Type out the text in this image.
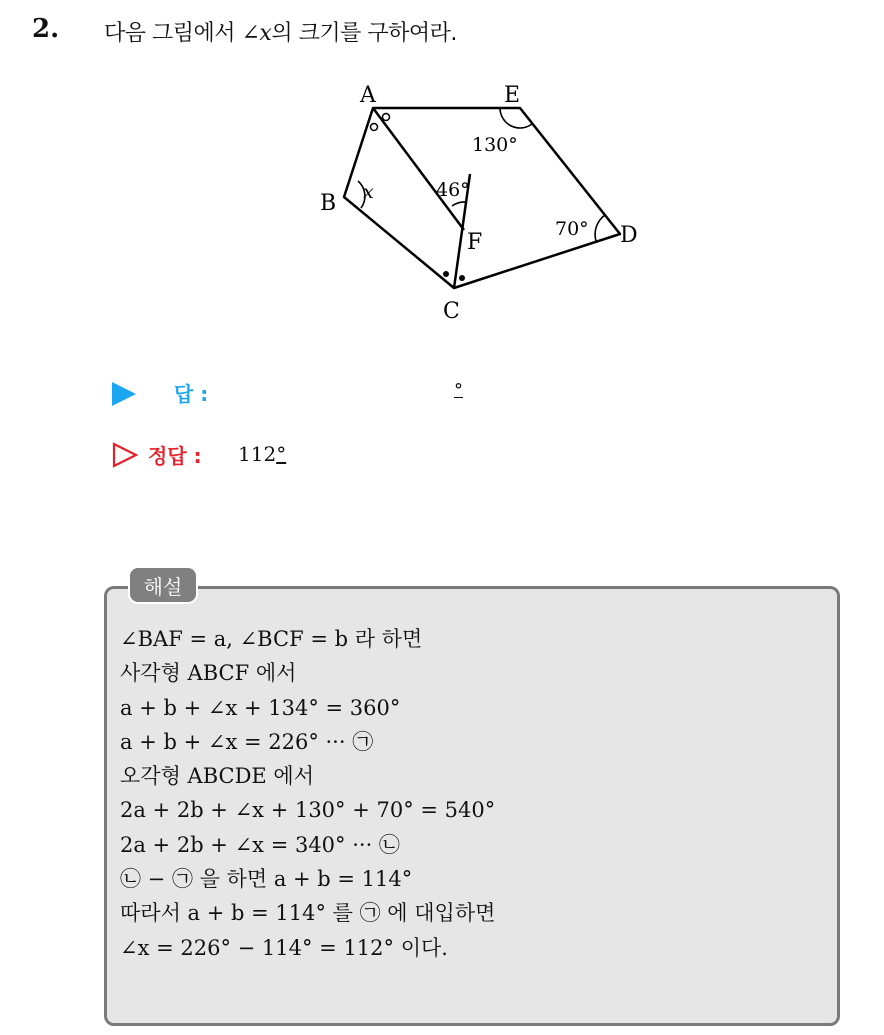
2. 다음 그림에서 ∠x의 크기를 구하여라.
A	E
B
F	D
C
130°
46°
70°
x
답 :	°
정답 : 112°
해설
∠BAF = a, ∠BCF = b 라 하면
사각형 ABCF 에서
a + b + ∠x + 134° = 360°
a + b + ∠x = 226° ··· ㉠
오각형 ABCDE 에서
2a + 2b + ∠x + 130° + 70° = 540°
2a + 2b + ∠x = 340° ··· ㉡
㉡ − ㉠ 을 하면 a + b = 114°
따라서 a + b = 114° 를 ㉠ 에 대입하면
∠x = 226° − 114° = 112° 이다.
